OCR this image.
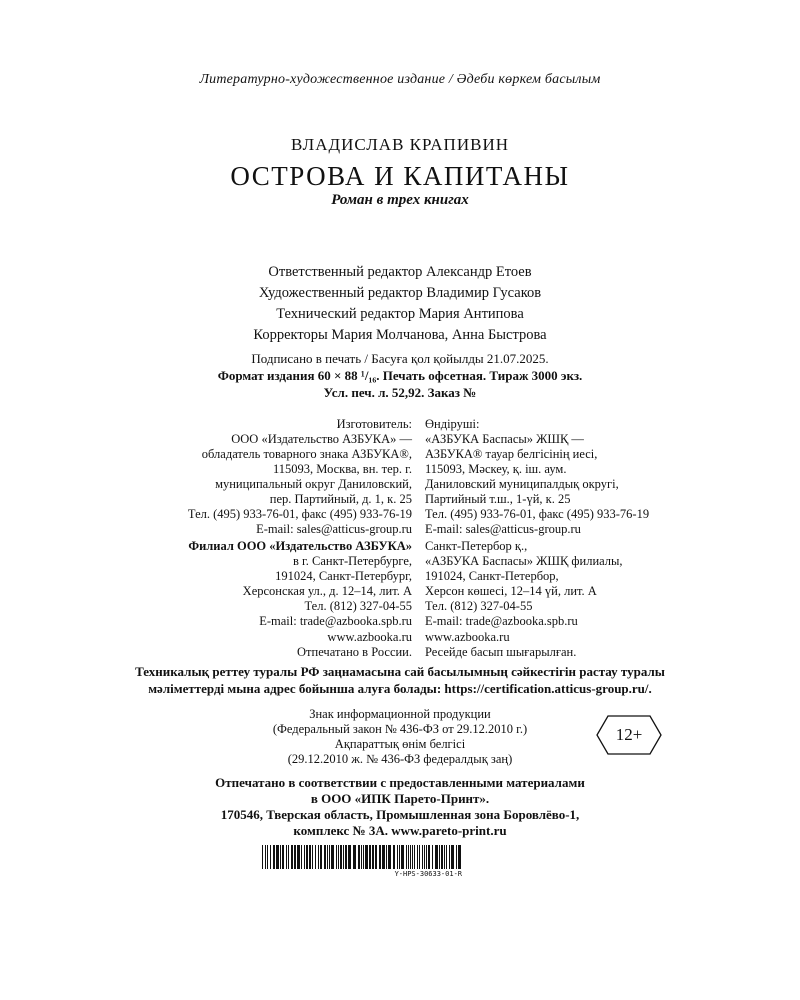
Литературно-художественное издание / Әдеби көркем басылым
ВЛАДИСЛАВ КРАПИВИН
ОСТРОВА И КАПИТАНЫ
Роман в трех книгах
Ответственный редактор Александр Етоев
Художественный редактор Владимир Гусаков
Технический редактор Мария Антипова
Корректоры Мария Молчанова, Анна Быстрова
Подписано в печать / Басуға қол қойылды 21.07.2025.
Формат издания 60 × 88 ¹/₁₆. Печать офсетная. Тираж 3000 экз.
Усл. печ. л. 52,92. Заказ №
Изготовитель:
ООО «Издательство АЗБУКА» —
обладатель товарного знака АЗБУКА®,
115093, Москва, вн. тер. г.
муниципальный округ Даниловский,
пер. Партийный, д. 1, к. 25
Тел. (495) 933-76-01, факс (495) 933-76-19
E-mail: sales@atticus-group.ru
Өндіруші:
«АЗБУКА Баспасы» ЖШҚ —
АЗБУКА® тауар белгісінің иесі,
115093, Мәскеу, қ. іш. аум.
Даниловский муниципалдық округі,
Партийный т.ш., 1-үй, к. 25
Тел. (495) 933-76-01, факс (495) 933-76-19
E-mail: sales@atticus-group.ru
Филиал ООО «Издательство АЗБУКА»
в г. Санкт-Петербурге,
191024, Санкт-Петербург,
Херсонская ул., д. 12–14, лит. А
Тел. (812) 327-04-55
E-mail: trade@azbooka.spb.ru
Санкт-Петербор қ.,
«АЗБУКА Баспасы» ЖШҚ филиалы,
191024, Санкт-Петербор,
Херсон көшесі, 12–14 үй, лит. А
Тел. (812) 327-04-55
E-mail: trade@azbooka.spb.ru
www.azbooka.ru
Отпечатано в России.
www.azbooka.ru
Ресейде басып шығарылған.
Техникалық реттеу туралы РФ заңнамасына сай басылымның сәйкестігін растау туралы
мәліметтерді мына адрес бойынша алуға болады: https://certification.atticus-group.ru/.
Знак информационной продукции
(Федеральный закон № 436-ФЗ от 29.12.2010 г.)
Ақпараттық өнім белгісі
(29.12.2010 ж. № 436-ФЗ федералдық заң)
12+
Отпечатано в соответствии с предоставленными материалами
в ООО «ИПК Парето-Принт».
170546, Тверская область, Промышленная зона Боровлёво-1,
комплекс № 3А. www.pareto-print.ru
Y-HPS-30633-01-R
